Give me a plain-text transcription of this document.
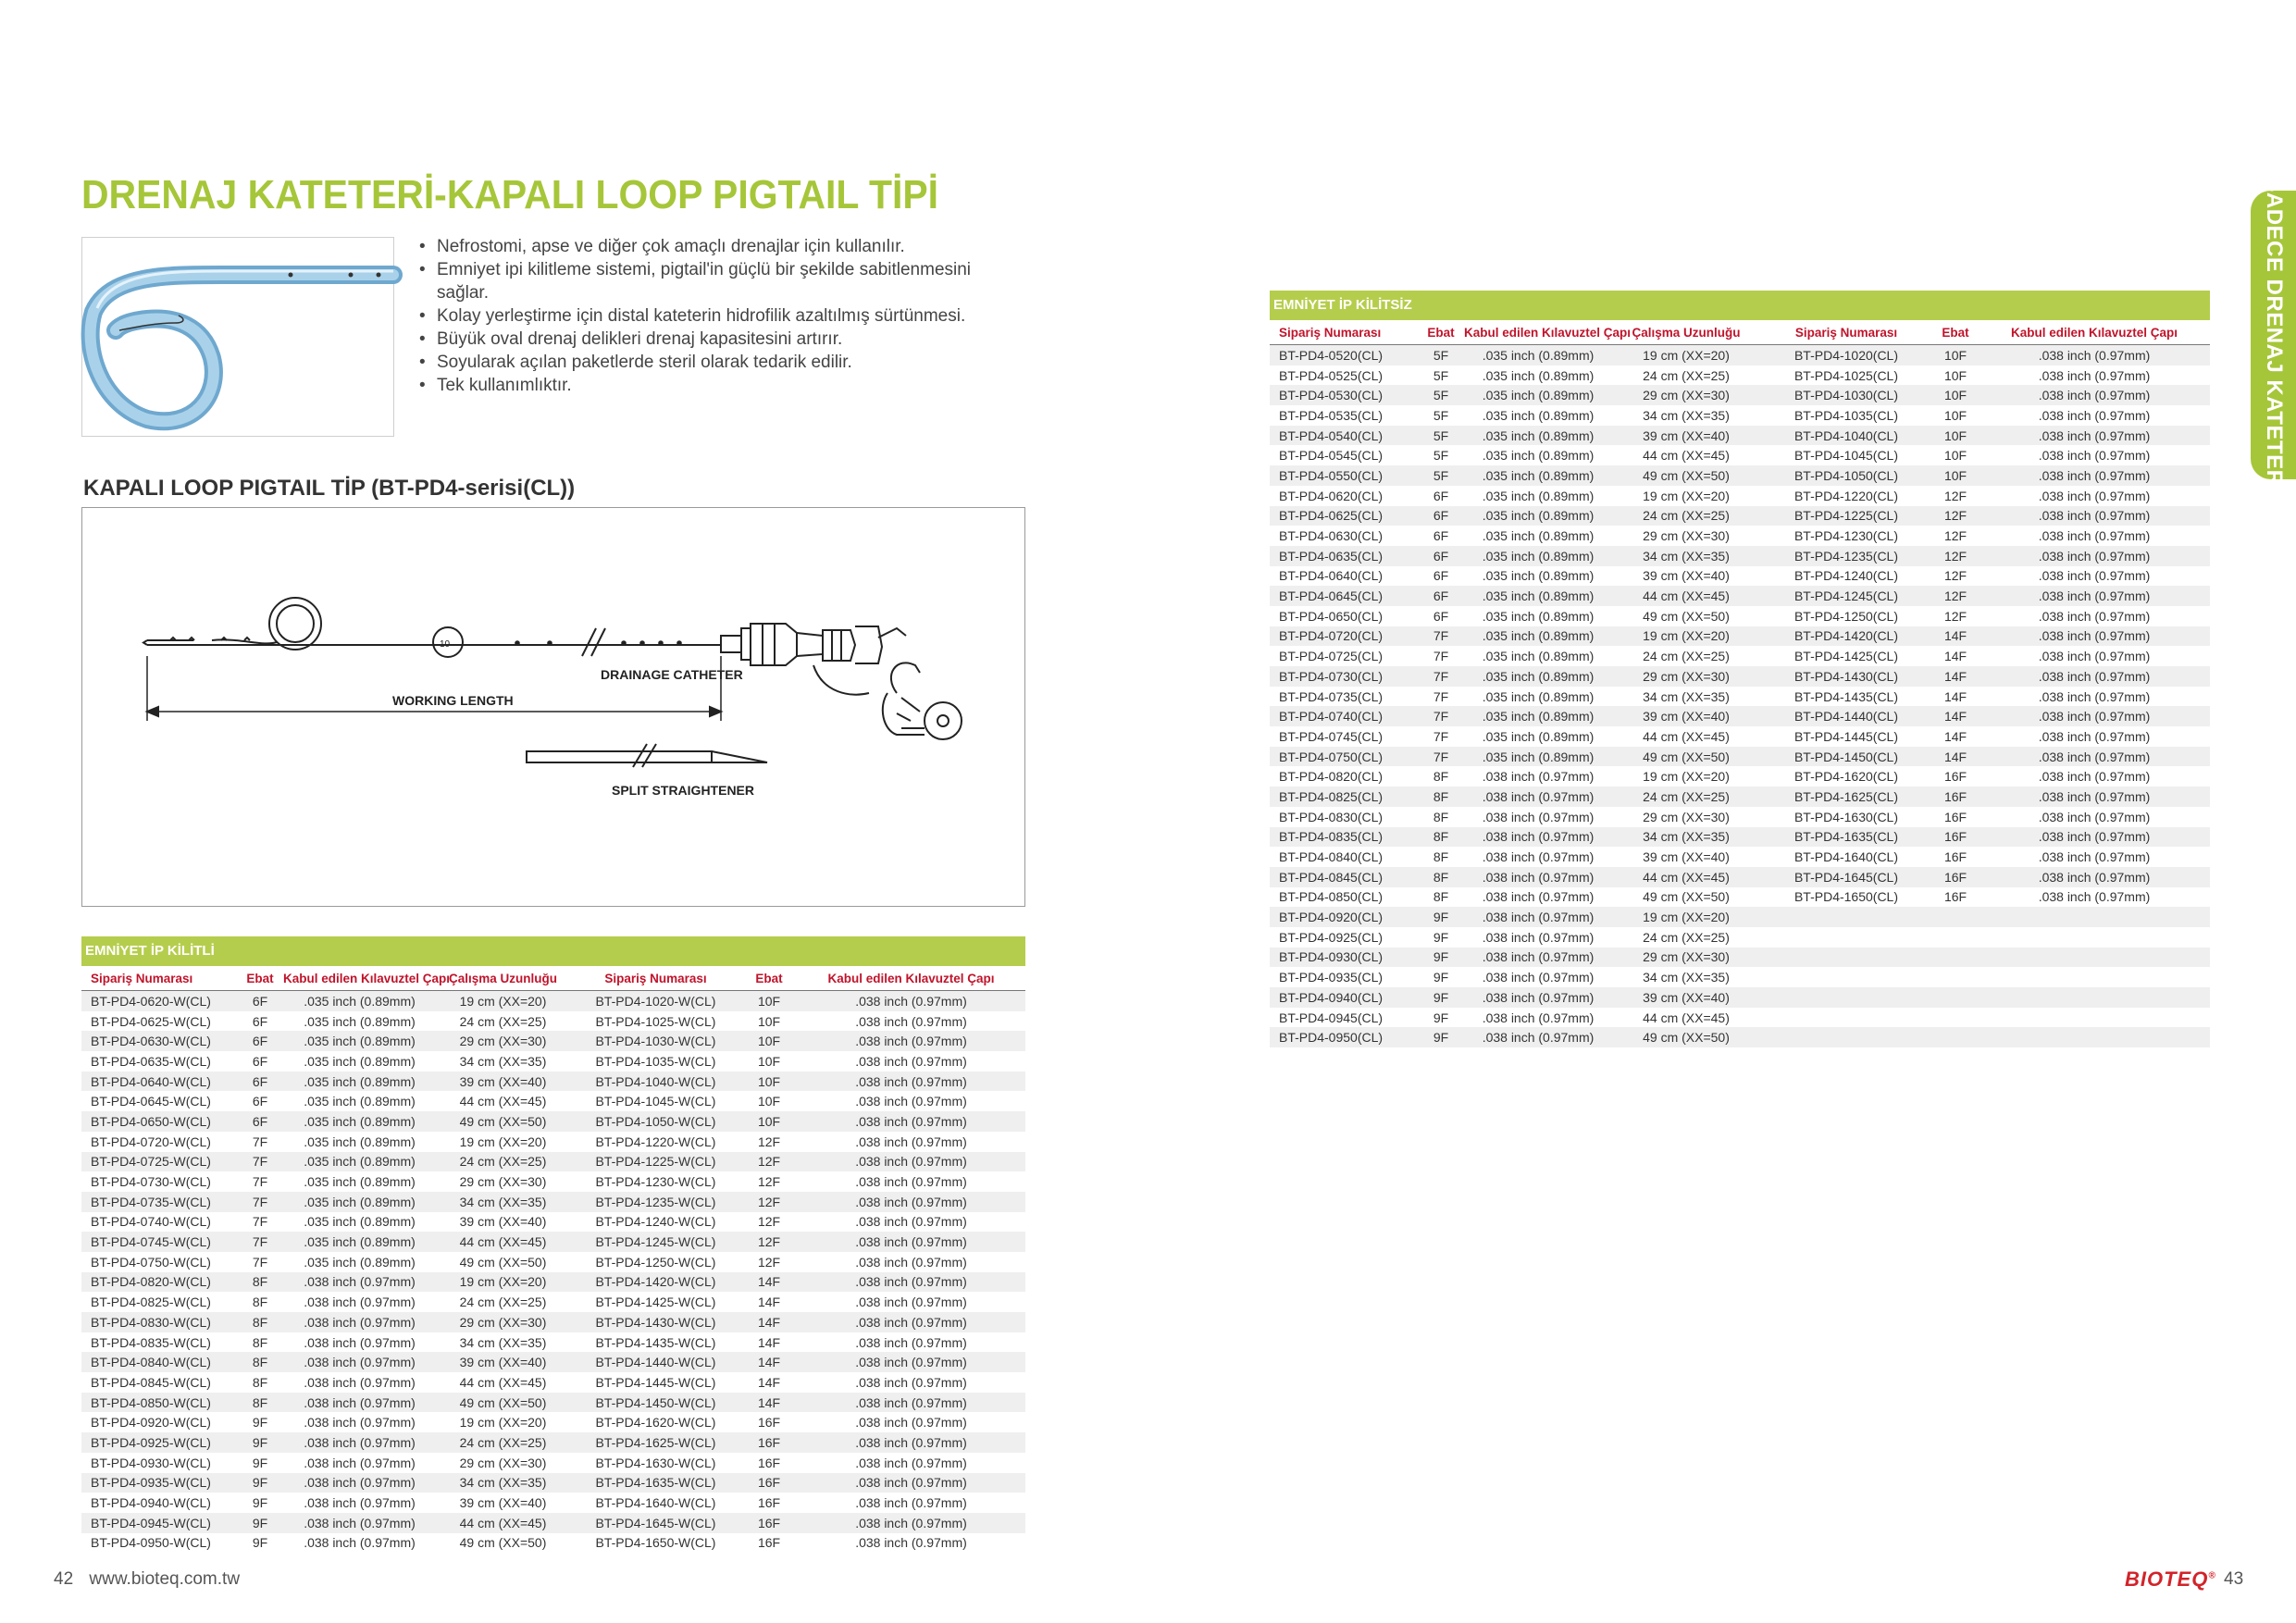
DRENAJ KATETERİ-KAPALI LOOP PIGTAIL TİPİ
• Nefrostomi, apse ve diğer çok amaçlı drenajlar için kullanılır.
• Emniyet ipi kilitleme sistemi, pigtail'in güçlü bir şekilde sabitlenmesini sağlar.
• Kolay yerleştirme için distal kateterin hidrofilik azaltılmış sürtünmesi.
• Büyük oval drenaj delikleri drenaj kapasitesini artırır.
• Soyularak açılan paketlerde steril olarak tedarik edilir.
• Tek kullanımlıktır.
KAPALI LOOP PIGTAIL TİP (BT-PD4-serisi(CL))
10
DRAINAGE CATHETER
WORKING LENGTH
SPLIT STRAIGHTENER
EMNİYET İP KİLİTLİ
Sipariş Numarası	Ebat	Kabul edilen Kılavuztel Çapı	Çalışma Uzunluğu	Sipariş Numarası	Ebat	Kabul edilen Kılavuztel Çapı
BT-PD4-0620-W(CL)	6F	.035 inch (0.89mm)	19 cm (XX=20)	BT-PD4-1020-W(CL)	10F	.038 inch (0.97mm)
BT-PD4-0625-W(CL)	6F	.035 inch (0.89mm)	24 cm (XX=25)	BT-PD4-1025-W(CL)	10F	.038 inch (0.97mm)
BT-PD4-0630-W(CL)	6F	.035 inch (0.89mm)	29 cm (XX=30)	BT-PD4-1030-W(CL)	10F	.038 inch (0.97mm)
BT-PD4-0635-W(CL)	6F	.035 inch (0.89mm)	34 cm (XX=35)	BT-PD4-1035-W(CL)	10F	.038 inch (0.97mm)
BT-PD4-0640-W(CL)	6F	.035 inch (0.89mm)	39 cm (XX=40)	BT-PD4-1040-W(CL)	10F	.038 inch (0.97mm)
BT-PD4-0645-W(CL)	6F	.035 inch (0.89mm)	44 cm (XX=45)	BT-PD4-1045-W(CL)	10F	.038 inch (0.97mm)
BT-PD4-0650-W(CL)	6F	.035 inch (0.89mm)	49 cm (XX=50)	BT-PD4-1050-W(CL)	10F	.038 inch (0.97mm)
BT-PD4-0720-W(CL)	7F	.035 inch (0.89mm)	19 cm (XX=20)	BT-PD4-1220-W(CL)	12F	.038 inch (0.97mm)
BT-PD4-0725-W(CL)	7F	.035 inch (0.89mm)	24 cm (XX=25)	BT-PD4-1225-W(CL)	12F	.038 inch (0.97mm)
BT-PD4-0730-W(CL)	7F	.035 inch (0.89mm)	29 cm (XX=30)	BT-PD4-1230-W(CL)	12F	.038 inch (0.97mm)
BT-PD4-0735-W(CL)	7F	.035 inch (0.89mm)	34 cm (XX=35)	BT-PD4-1235-W(CL)	12F	.038 inch (0.97mm)
BT-PD4-0740-W(CL)	7F	.035 inch (0.89mm)	39 cm (XX=40)	BT-PD4-1240-W(CL)	12F	.038 inch (0.97mm)
BT-PD4-0745-W(CL)	7F	.035 inch (0.89mm)	44 cm (XX=45)	BT-PD4-1245-W(CL)	12F	.038 inch (0.97mm)
BT-PD4-0750-W(CL)	7F	.035 inch (0.89mm)	49 cm (XX=50)	BT-PD4-1250-W(CL)	12F	.038 inch (0.97mm)
BT-PD4-0820-W(CL)	8F	.038 inch (0.97mm)	19 cm (XX=20)	BT-PD4-1420-W(CL)	14F	.038 inch (0.97mm)
BT-PD4-0825-W(CL)	8F	.038 inch (0.97mm)	24 cm (XX=25)	BT-PD4-1425-W(CL)	14F	.038 inch (0.97mm)
BT-PD4-0830-W(CL)	8F	.038 inch (0.97mm)	29 cm (XX=30)	BT-PD4-1430-W(CL)	14F	.038 inch (0.97mm)
BT-PD4-0835-W(CL)	8F	.038 inch (0.97mm)	34 cm (XX=35)	BT-PD4-1435-W(CL)	14F	.038 inch (0.97mm)
BT-PD4-0840-W(CL)	8F	.038 inch (0.97mm)	39 cm (XX=40)	BT-PD4-1440-W(CL)	14F	.038 inch (0.97mm)
BT-PD4-0845-W(CL)	8F	.038 inch (0.97mm)	44 cm (XX=45)	BT-PD4-1445-W(CL)	14F	.038 inch (0.97mm)
BT-PD4-0850-W(CL)	8F	.038 inch (0.97mm)	49 cm (XX=50)	BT-PD4-1450-W(CL)	14F	.038 inch (0.97mm)
BT-PD4-0920-W(CL)	9F	.038 inch (0.97mm)	19 cm (XX=20)	BT-PD4-1620-W(CL)	16F	.038 inch (0.97mm)
BT-PD4-0925-W(CL)	9F	.038 inch (0.97mm)	24 cm (XX=25)	BT-PD4-1625-W(CL)	16F	.038 inch (0.97mm)
BT-PD4-0930-W(CL)	9F	.038 inch (0.97mm)	29 cm (XX=30)	BT-PD4-1630-W(CL)	16F	.038 inch (0.97mm)
BT-PD4-0935-W(CL)	9F	.038 inch (0.97mm)	34 cm (XX=35)	BT-PD4-1635-W(CL)	16F	.038 inch (0.97mm)
BT-PD4-0940-W(CL)	9F	.038 inch (0.97mm)	39 cm (XX=40)	BT-PD4-1640-W(CL)	16F	.038 inch (0.97mm)
BT-PD4-0945-W(CL)	9F	.038 inch (0.97mm)	44 cm (XX=45)	BT-PD4-1645-W(CL)	16F	.038 inch (0.97mm)
BT-PD4-0950-W(CL)	9F	.038 inch (0.97mm)	49 cm (XX=50)	BT-PD4-1650-W(CL)	16F	.038 inch (0.97mm)
42 www.bioteq.com.tw
EMNİYET İP KİLİTSİZ
Sipariş Numarası	Ebat	Kabul edilen Kılavuztel Çapı	Çalışma Uzunluğu	Sipariş Numarası	Ebat	Kabul edilen Kılavuztel Çapı
BT-PD4-0520(CL)	5F	.035 inch (0.89mm)	19 cm (XX=20)	BT-PD4-1020(CL)	10F	.038 inch (0.97mm)
BT-PD4-0525(CL)	5F	.035 inch (0.89mm)	24 cm (XX=25)	BT-PD4-1025(CL)	10F	.038 inch (0.97mm)
BT-PD4-0530(CL)	5F	.035 inch (0.89mm)	29 cm (XX=30)	BT-PD4-1030(CL)	10F	.038 inch (0.97mm)
BT-PD4-0535(CL)	5F	.035 inch (0.89mm)	34 cm (XX=35)	BT-PD4-1035(CL)	10F	.038 inch (0.97mm)
BT-PD4-0540(CL)	5F	.035 inch (0.89mm)	39 cm (XX=40)	BT-PD4-1040(CL)	10F	.038 inch (0.97mm)
BT-PD4-0545(CL)	5F	.035 inch (0.89mm)	44 cm (XX=45)	BT-PD4-1045(CL)	10F	.038 inch (0.97mm)
BT-PD4-0550(CL)	5F	.035 inch (0.89mm)	49 cm (XX=50)	BT-PD4-1050(CL)	10F	.038 inch (0.97mm)
BT-PD4-0620(CL)	6F	.035 inch (0.89mm)	19 cm (XX=20)	BT-PD4-1220(CL)	12F	.038 inch (0.97mm)
BT-PD4-0625(CL)	6F	.035 inch (0.89mm)	24 cm (XX=25)	BT-PD4-1225(CL)	12F	.038 inch (0.97mm)
BT-PD4-0630(CL)	6F	.035 inch (0.89mm)	29 cm (XX=30)	BT-PD4-1230(CL)	12F	.038 inch (0.97mm)
BT-PD4-0635(CL)	6F	.035 inch (0.89mm)	34 cm (XX=35)	BT-PD4-1235(CL)	12F	.038 inch (0.97mm)
BT-PD4-0640(CL)	6F	.035 inch (0.89mm)	39 cm (XX=40)	BT-PD4-1240(CL)	12F	.038 inch (0.97mm)
BT-PD4-0645(CL)	6F	.035 inch (0.89mm)	44 cm (XX=45)	BT-PD4-1245(CL)	12F	.038 inch (0.97mm)
BT-PD4-0650(CL)	6F	.035 inch (0.89mm)	49 cm (XX=50)	BT-PD4-1250(CL)	12F	.038 inch (0.97mm)
BT-PD4-0720(CL)	7F	.035 inch (0.89mm)	19 cm (XX=20)	BT-PD4-1420(CL)	14F	.038 inch (0.97mm)
BT-PD4-0725(CL)	7F	.035 inch (0.89mm)	24 cm (XX=25)	BT-PD4-1425(CL)	14F	.038 inch (0.97mm)
BT-PD4-0730(CL)	7F	.035 inch (0.89mm)	29 cm (XX=30)	BT-PD4-1430(CL)	14F	.038 inch (0.97mm)
BT-PD4-0735(CL)	7F	.035 inch (0.89mm)	34 cm (XX=35)	BT-PD4-1435(CL)	14F	.038 inch (0.97mm)
BT-PD4-0740(CL)	7F	.035 inch (0.89mm)	39 cm (XX=40)	BT-PD4-1440(CL)	14F	.038 inch (0.97mm)
BT-PD4-0745(CL)	7F	.035 inch (0.89mm)	44 cm (XX=45)	BT-PD4-1445(CL)	14F	.038 inch (0.97mm)
BT-PD4-0750(CL)	7F	.035 inch (0.89mm)	49 cm (XX=50)	BT-PD4-1450(CL)	14F	.038 inch (0.97mm)
BT-PD4-0820(CL)	8F	.038 inch (0.97mm)	19 cm (XX=20)	BT-PD4-1620(CL)	16F	.038 inch (0.97mm)
BT-PD4-0825(CL)	8F	.038 inch (0.97mm)	24 cm (XX=25)	BT-PD4-1625(CL)	16F	.038 inch (0.97mm)
BT-PD4-0830(CL)	8F	.038 inch (0.97mm)	29 cm (XX=30)	BT-PD4-1630(CL)	16F	.038 inch (0.97mm)
BT-PD4-0835(CL)	8F	.038 inch (0.97mm)	34 cm (XX=35)	BT-PD4-1635(CL)	16F	.038 inch (0.97mm)
BT-PD4-0840(CL)	8F	.038 inch (0.97mm)	39 cm (XX=40)	BT-PD4-1640(CL)	16F	.038 inch (0.97mm)
BT-PD4-0845(CL)	8F	.038 inch (0.97mm)	44 cm (XX=45)	BT-PD4-1645(CL)	16F	.038 inch (0.97mm)
BT-PD4-0850(CL)	8F	.038 inch (0.97mm)	49 cm (XX=50)	BT-PD4-1650(CL)	16F	.038 inch (0.97mm)
BT-PD4-0920(CL)	9F	.038 inch (0.97mm)	19 cm (XX=20)			
BT-PD4-0925(CL)	9F	.038 inch (0.97mm)	24 cm (XX=25)			
BT-PD4-0930(CL)	9F	.038 inch (0.97mm)	29 cm (XX=30)			
BT-PD4-0935(CL)	9F	.038 inch (0.97mm)	34 cm (XX=35)			
BT-PD4-0940(CL)	9F	.038 inch (0.97mm)	39 cm (XX=40)			
BT-PD4-0945(CL)	9F	.038 inch (0.97mm)	44 cm (XX=45)			
BT-PD4-0950(CL)	9F	.038 inch (0.97mm)	49 cm (XX=50)			
SADECE DRENAJ KATETERİ
BIOTEQ® 43
